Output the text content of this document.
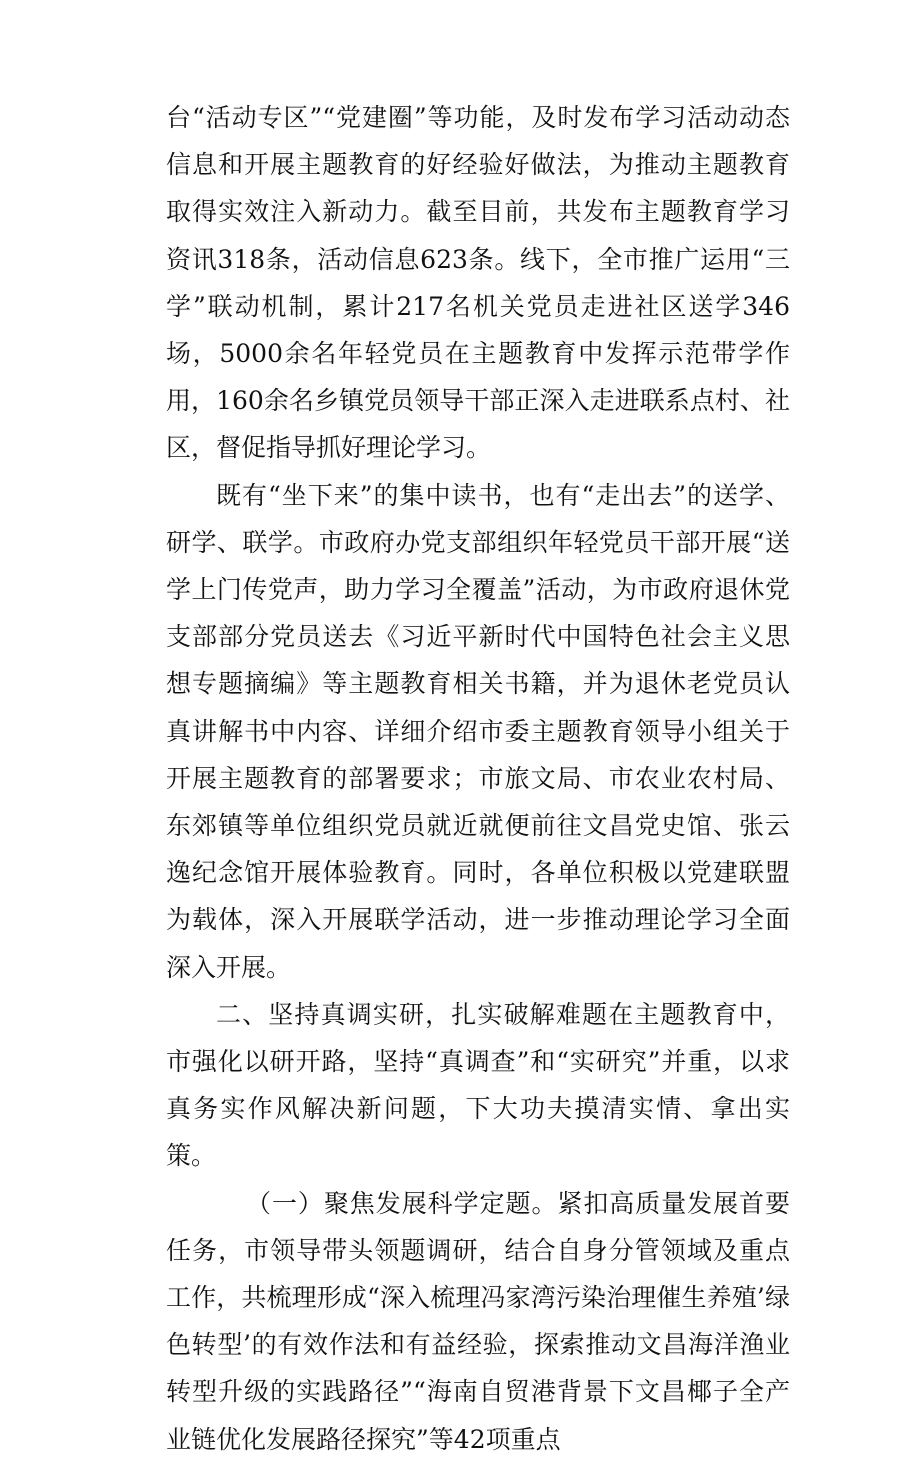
台“活动专区”“党建圈”等功能，及时发布学习活动动态信息和开展主题教育的好经验好做法，为推动主题教育取得实效注入新动力。截至目前，共发布主题教育学习资讯318条，活动信息623条。线下，全市推广运用“三学”联动机制，累计217名机关党员走进社区送学346场，5000余名年轻党员在主题教育中发挥示范带学作用，160余名乡镇党员领导干部正深入走进联系点村、社区，督促指导抓好理论学习。

既有“坐下来”的集中读书，也有“走出去”的送学、研学、联学。市政府办党支部组织年轻党员干部开展“送学上门传党声，助力学习全覆盖”活动，为市政府退休党支部部分党员送去《习近平新时代中国特色社会主义思想专题摘编》等主题教育相关书籍，并为退休老党员认真讲解书中内容、详细介绍市委主题教育领导小组关于开展主题教育的部署要求；市旅文局、市农业农村局、东郊镇等单位组织党员就近就便前往文昌党史馆、张云逸纪念馆开展体验教育。同时，各单位积极以党建联盟为载体，深入开展联学活动，进一步推动理论学习全面深入开展。

二、坚持真调实研，扎实破解难题在主题教育中，市强化以研开路，坚持“真调查”和“实研究”并重，以求真务实作风解决新问题，下大功夫摸清实情、拿出实策。

（一）聚焦发展科学定题。紧扣高质量发展首要任务，市领导带头领题调研，结合自身分管领域及重点工作，共梳理形成“深入梳理冯家湾污染治理催生养殖’绿色转型’的有效作法和有益经验，探索推动文昌海洋渔业转型升级的实践路径”“海南自贸港背景下文昌椰子全产业链优化发展路径探究”等42项重点
